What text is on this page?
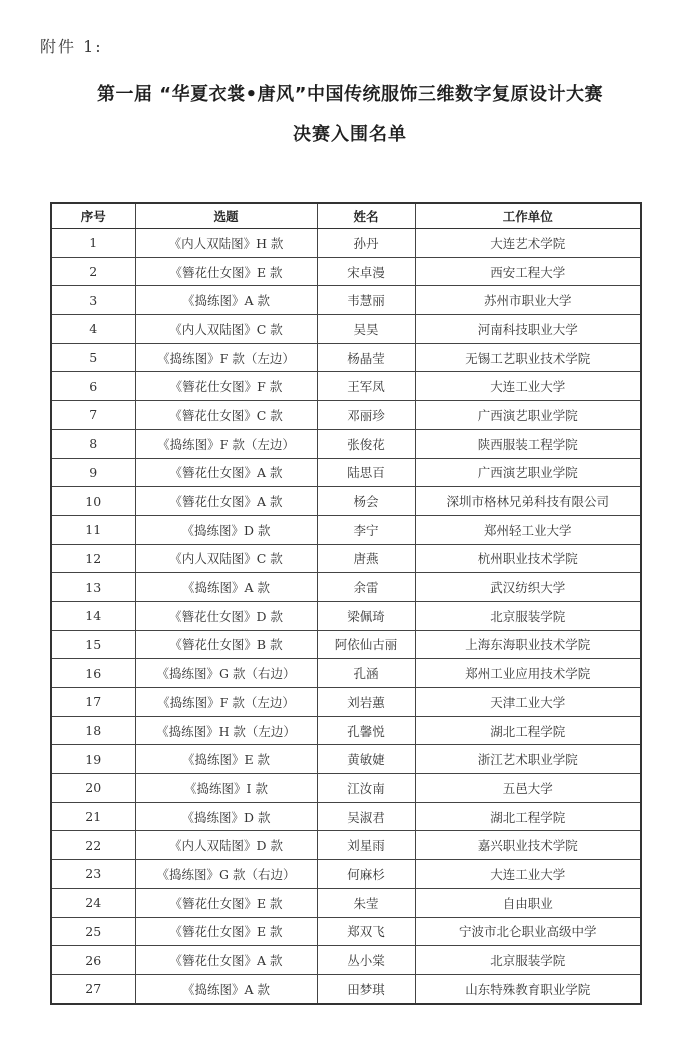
附件 1:
第一届 “华夏衣裳•唐风”中国传统服饰三维数字复原设计大赛
决赛入围名单
序号	选题	姓名	工作单位
1	《内人双陆图》H 款	孙丹	大连艺术学院
2	《簪花仕女图》E 款	宋卓漫	西安工程大学
3	《捣练图》A 款	韦慧丽	苏州市职业大学
4	《内人双陆图》C 款	吴昊	河南科技职业大学
5	《捣练图》F 款（左边）	杨晶莹	无锡工艺职业技术学院
6	《簪花仕女图》F 款	王军凤	大连工业大学
7	《簪花仕女图》C 款	邓丽珍	广西演艺职业学院
8	《捣练图》F 款（左边）	张俊花	陕西服装工程学院
9	《簪花仕女图》A 款	陆思百	广西演艺职业学院
10	《簪花仕女图》A 款	杨会	深圳市格林兄弟科技有限公司
11	《捣练图》D 款	李宁	郑州轻工业大学
12	《内人双陆图》C 款	唐燕	杭州职业技术学院
13	《捣练图》A 款	余雷	武汉纺织大学
14	《簪花仕女图》D 款	梁佩琦	北京服装学院
15	《簪花仕女图》B 款	阿依仙古丽	上海东海职业技术学院
16	《捣练图》G 款（右边）	孔涵	郑州工业应用技术学院
17	《捣练图》F 款（左边）	刘岩蕙	天津工业大学
18	《捣练图》H 款（左边）	孔馨悦	湖北工程学院
19	《捣练图》E 款	黄敏婕	浙江艺术职业学院
20	《捣练图》I 款	江汝南	五邑大学
21	《捣练图》D 款	吴淑君	湖北工程学院
22	《内人双陆图》D 款	刘星雨	嘉兴职业技术学院
23	《捣练图》G 款（右边）	何麻杉	大连工业大学
24	《簪花仕女图》E 款	朱莹	自由职业
25	《簪花仕女图》E 款	郑双飞	宁波市北仑职业高级中学
26	《簪花仕女图》A 款	丛小棠	北京服装学院
27	《捣练图》A 款	田梦琪	山东特殊教育职业学院
